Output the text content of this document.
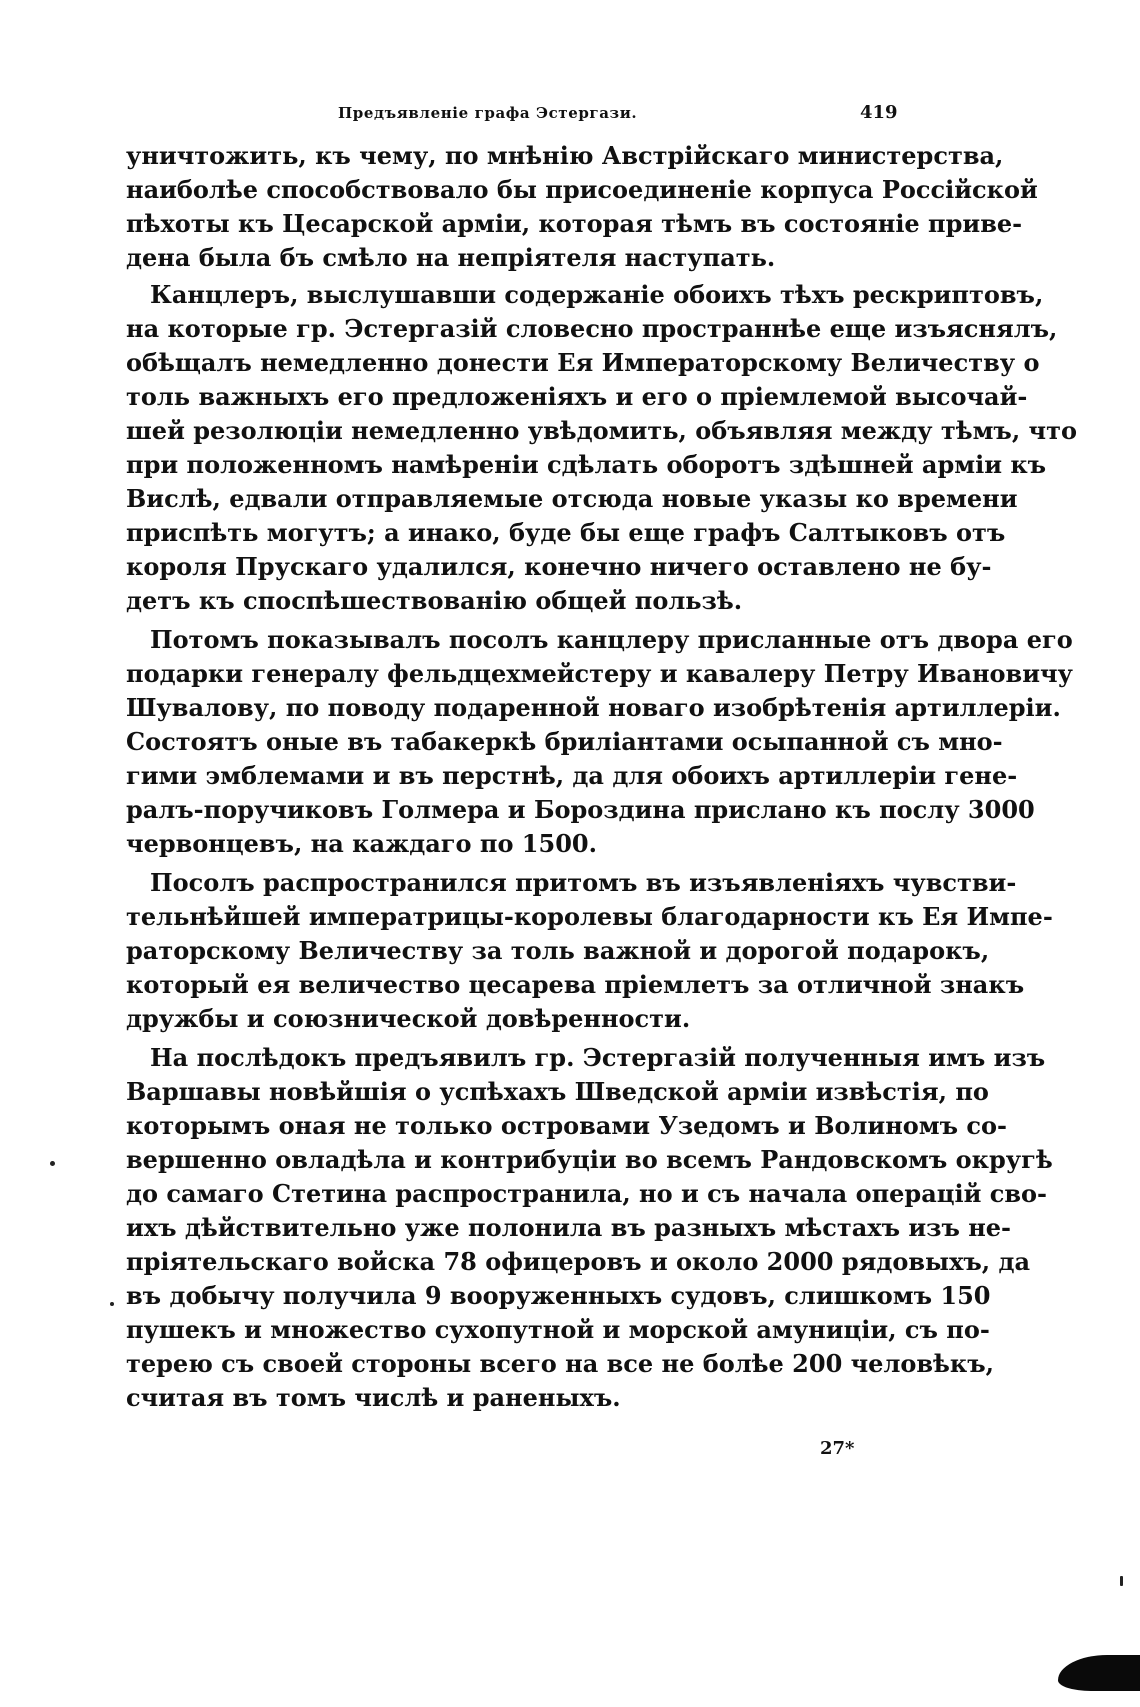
Предъявленіе графа Эстергази.	419
уничтожить, къ чему, по мнѣнію Австрійскаго министерства,
наиболѣе способствовало бы присоединеніе корпуса Россійской
пѣхоты къ Цесарской арміи, которая тѣмъ въ состояніе приве-
дена была бъ смѣло на непріятеля наступать.
Канцлеръ, выслушавши содержаніе обоихъ тѣхъ рескриптовъ,
на которые гр. Эстергазій словесно пространнѣе еще изъяснялъ,
обѣщалъ немедленно донести Ея Императорскому Величеству о
толь важныхъ его предложеніяхъ и его о пріемлемой высочай-
шей резолюціи немедленно увѣдомить, объявляя между тѣмъ, что
при положенномъ намѣреніи сдѣлать оборотъ здѣшней арміи къ
Вислѣ, едвали отправляемые отсюда новые указы ко времени
приспѣть могутъ; а инако, буде бы еще графъ Салтыковъ отъ
короля Прускаго удалился, конечно ничего оставлено не бу-
детъ къ споспѣшествованію общей пользѣ.
Потомъ показывалъ посолъ канцлеру присланные отъ двора его
подарки генералу фельдцехмейстеру и кавалеру Петру Ивановичу
Шувалову, по поводу подаренной новаго изобрѣтенія артиллеріи.
Состоятъ оные въ табакеркѣ бриліантами осыпанной съ мно-
гими эмблемами и въ перстнѣ, да для обоихъ артиллеріи гене-
ралъ-поручиковъ Голмера и Бороздина прислано къ послу 3000
червонцевъ, на каждаго по 1500.
Посолъ распространился притомъ въ изъявленіяхъ чувстви-
тельнѣйшей императрицы-королевы благодарности къ Ея Импе-
раторскому Величеству за толь важной и дорогой подарокъ,
который ея величество цесарева пріемлетъ за отличной знакъ
дружбы и союзнической довѣренности.
На послѣдокъ предъявилъ гр. Эстергазій полученныя имъ изъ
Варшавы новѣйшія о успѣхахъ Шведской арміи извѣстія, по
которымъ оная не только островами Узедомъ и Волиномъ со-
вершенно овладѣла и контрибуціи во всемъ Рандовскомъ округѣ
до самаго Стетина распространила, но и съ начала операцій сво-
ихъ дѣйствительно уже полонила въ разныхъ мѣстахъ изъ не-
пріятельскаго войска 78 офицеровъ и около 2000 рядовыхъ, да
въ добычу получила 9 вооруженныхъ судовъ, слишкомъ 150
пушекъ и множество сухопутной и морской амуниціи, съ по-
терею съ своей стороны всего на все не болѣе 200 человѣкъ,
считая въ томъ числѣ и раненыхъ.
27*
